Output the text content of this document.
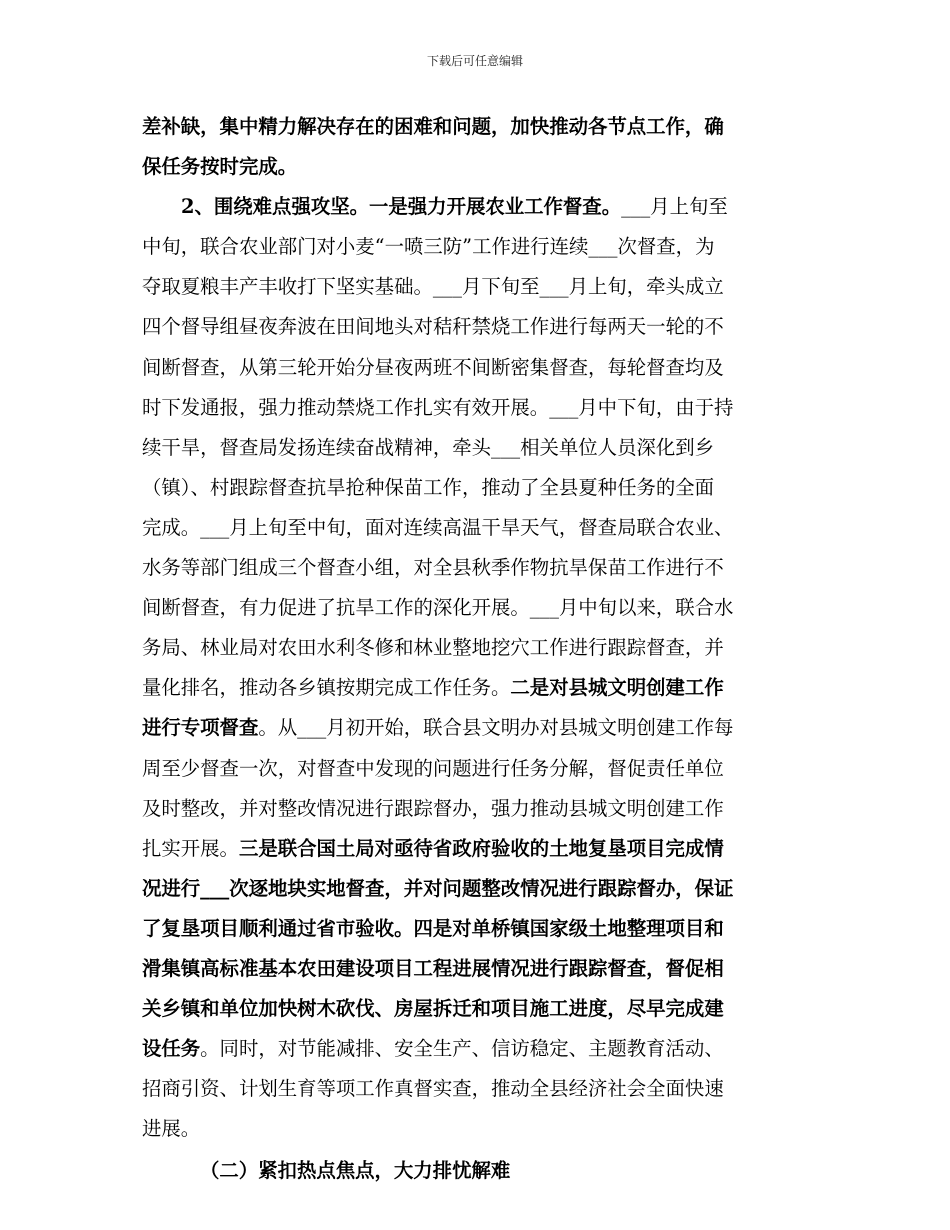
下载后可任意编辑

差补缺，集中精力解决存在的困难和问题，加快推动各节点工作，确
保任务按时完成。

2、围绕难点强攻坚。一是强力开展农业工作督查。___月上旬至
中旬，联合农业部门对小麦“一喷三防”工作进行连续___次督查，为
夺取夏粮丰产丰收打下坚实基础。___月下旬至___月上旬，牵头成立
四个督导组昼夜奔波在田间地头对秸秆禁烧工作进行每两天一轮的不
间断督查，从第三轮开始分昼夜两班不间断密集督查，每轮督查均及
时下发通报，强力推动禁烧工作扎实有效开展。___月中下旬，由于持
续干旱，督查局发扬连续奋战精神，牵头___相关单位人员深化到乡
（镇）、村跟踪督查抗旱抢种保苗工作，推动了全县夏种任务的全面
完成。___月上旬至中旬，面对连续高温干旱天气，督查局联合农业、
水务等部门组成三个督查小组，对全县秋季作物抗旱保苗工作进行不
间断督查，有力促进了抗旱工作的深化开展。___月中旬以来，联合水
务局、林业局对农田水利冬修和林业整地挖穴工作进行跟踪督查，并
量化排名，推动各乡镇按期完成工作任务。二是对县城文明创建工作
进行专项督查。从___月初开始，联合县文明办对县城文明创建工作每
周至少督查一次，对督查中发现的问题进行任务分解，督促责任单位
及时整改，并对整改情况进行跟踪督办，强力推动县城文明创建工作
扎实开展。三是联合国土局对亟待省政府验收的土地复垦项目完成情
况进行___次逐地块实地督查，并对问题整改情况进行跟踪督办，保证
了复垦项目顺利通过省市验收。四是对单桥镇国家级土地整理项目和
滑集镇高标准基本农田建设项目工程进展情况进行跟踪督查，督促相
关乡镇和单位加快树木砍伐、房屋拆迁和项目施工进度，尽早完成建
设任务。同时，对节能减排、安全生产、信访稳定、主题教育活动、
招商引资、计划生育等项工作真督实查，推动全县经济社会全面快速
进展。

（二）紧扣热点焦点，大力排忧解难
